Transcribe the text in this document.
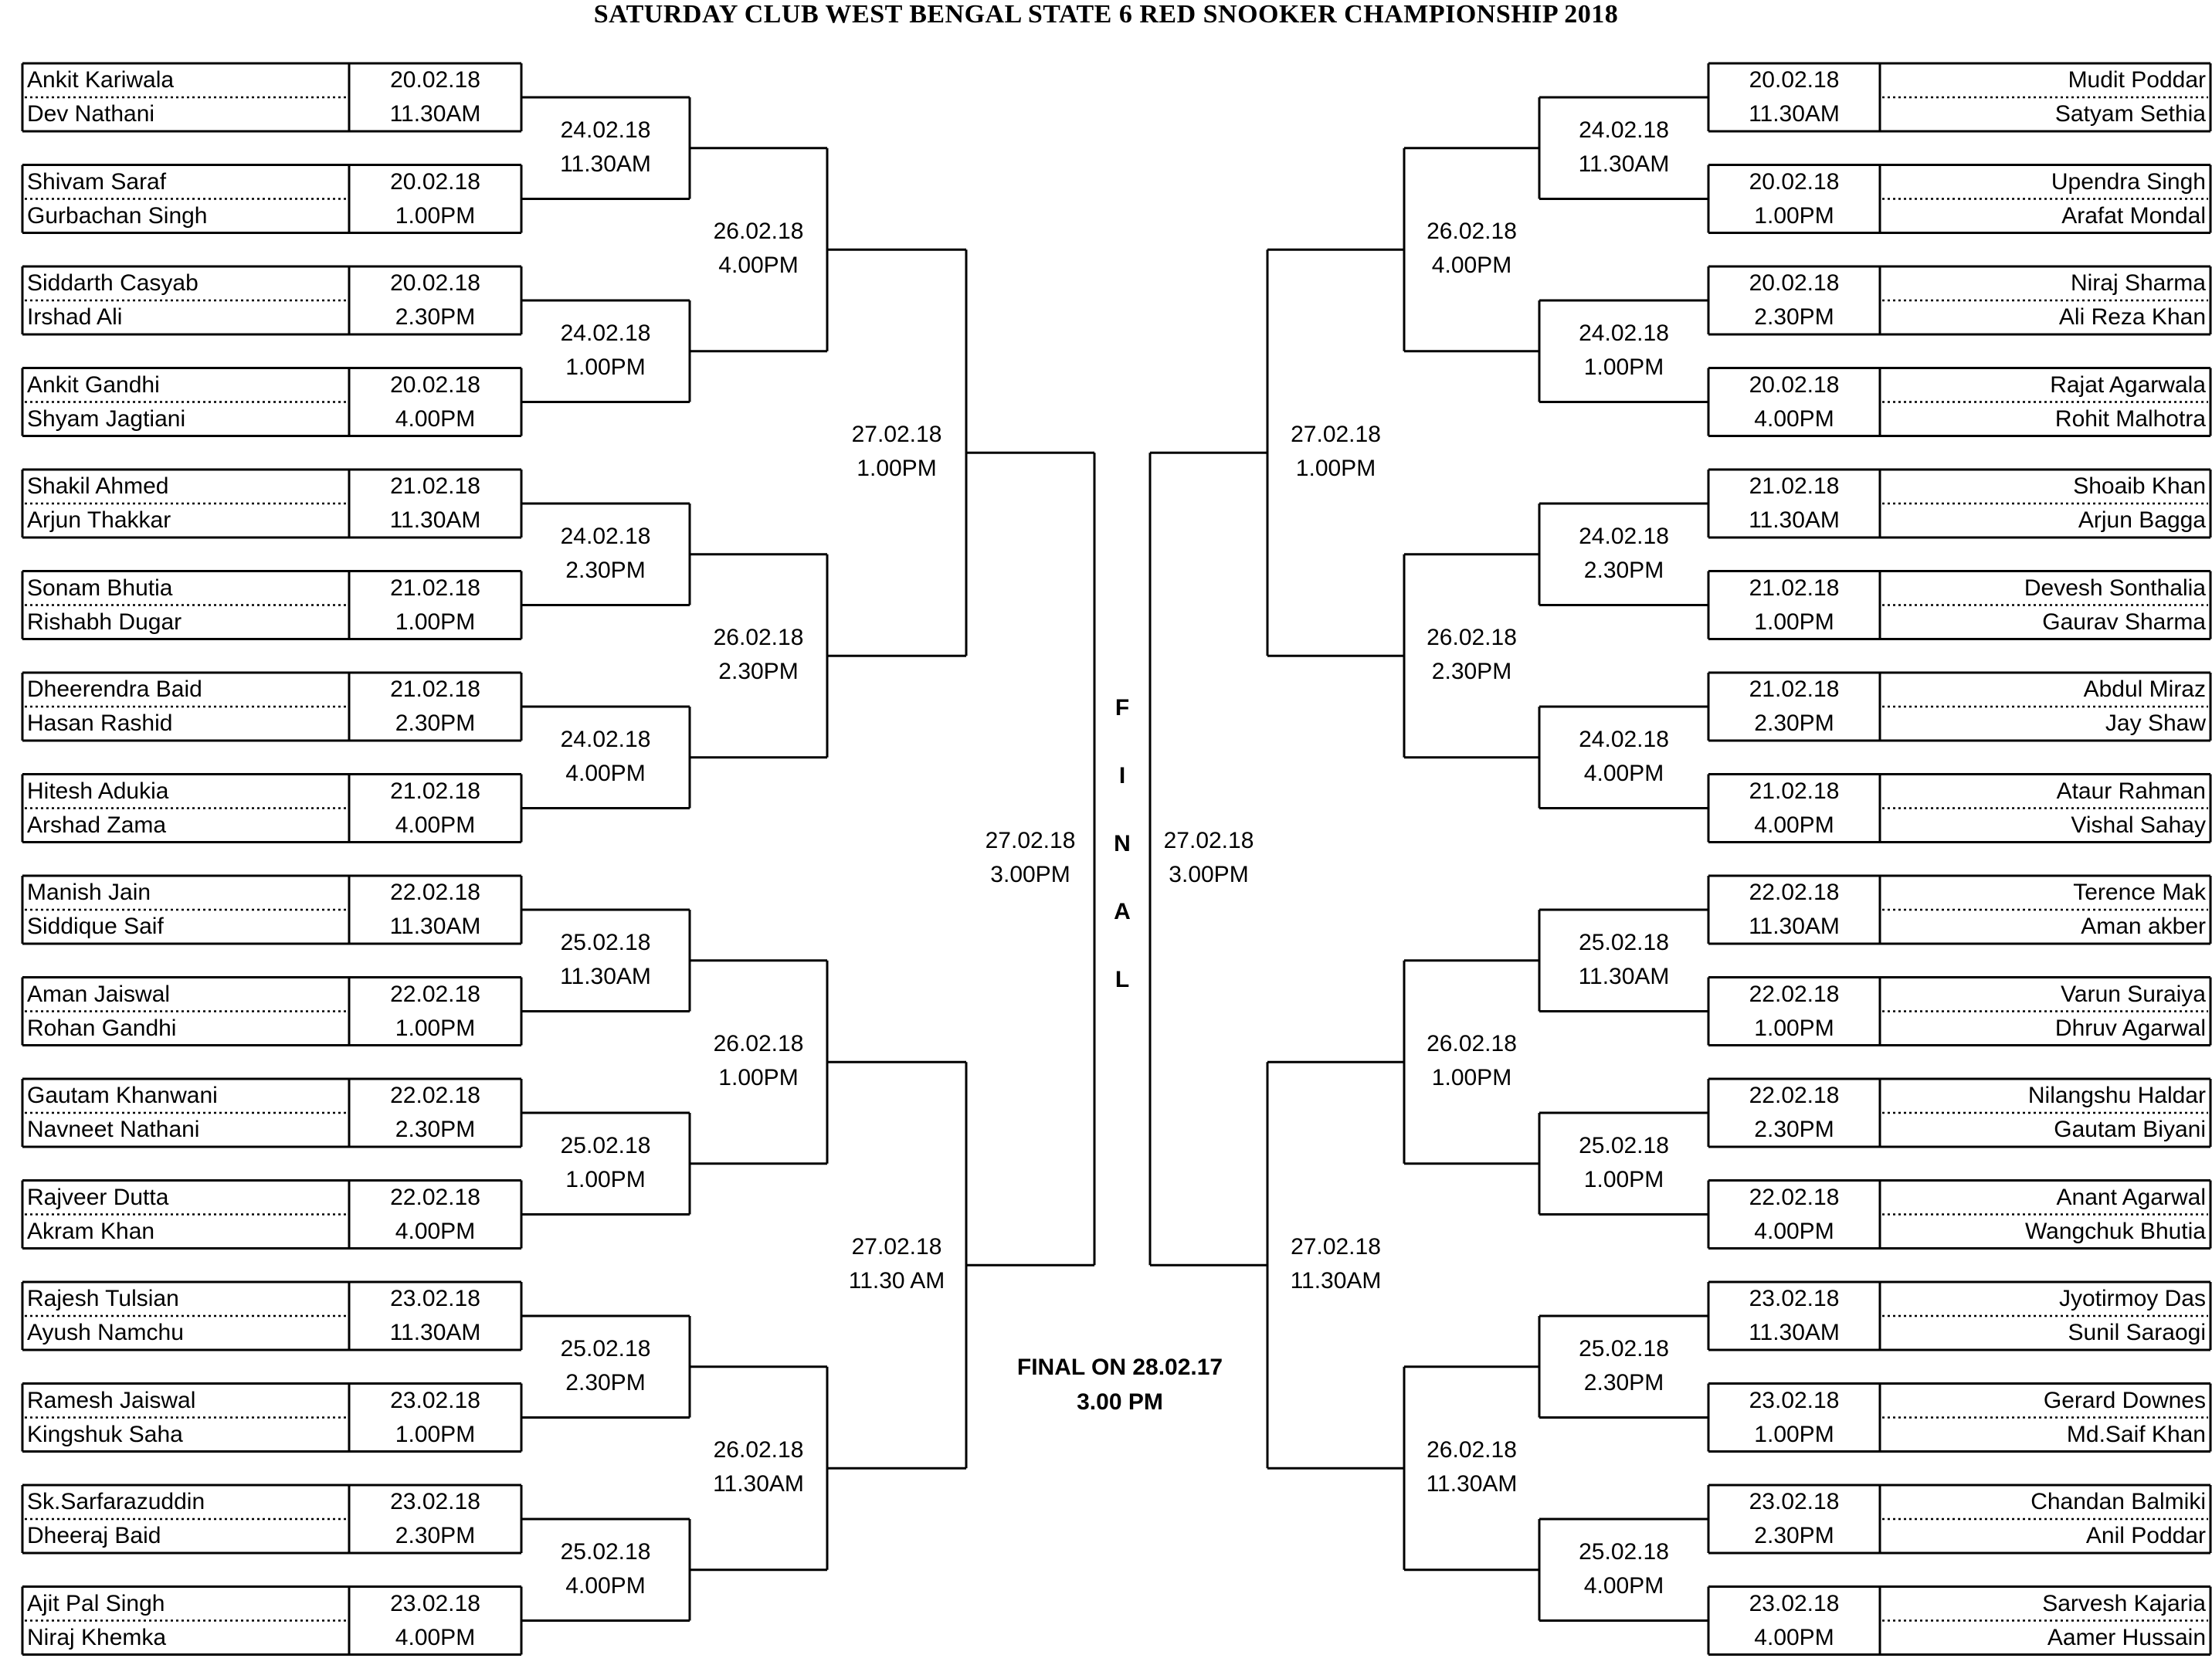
SATURDAY CLUB WEST BENGAL STATE 6 RED SNOOKER CHAMPIONSHIP 2018
Ankit Kariwala
Dev Nathani
20.02.18
11.30AM
Shivam Saraf
Gurbachan Singh
20.02.18
1.00PM
Siddarth Casyab
Irshad Ali
20.02.18
2.30PM
Ankit Gandhi
Shyam Jagtiani
20.02.18
4.00PM
Shakil Ahmed
Arjun Thakkar
21.02.18
11.30AM
Sonam Bhutia
Rishabh Dugar
21.02.18
1.00PM
Dheerendra Baid
Hasan Rashid
21.02.18
2.30PM
Hitesh Adukia
Arshad Zama
21.02.18
4.00PM
Manish Jain
Siddique Saif
22.02.18
11.30AM
Aman Jaiswal
Rohan Gandhi
22.02.18
1.00PM
Gautam Khanwani
Navneet Nathani
22.02.18
2.30PM
Rajveer Dutta
Akram Khan
22.02.18
4.00PM
Rajesh Tulsian
Ayush Namchu
23.02.18
11.30AM
Ramesh Jaiswal
Kingshuk Saha
23.02.18
1.00PM
Sk.Sarfarazuddin
Dheeraj Baid
23.02.18
2.30PM
Ajit Pal Singh
Niraj Khemka
23.02.18
4.00PM
24.02.18
11.30AM
24.02.18
1.00PM
24.02.18
2.30PM
24.02.18
4.00PM
25.02.18
11.30AM
25.02.18
1.00PM
25.02.18
2.30PM
25.02.18
4.00PM
26.02.18
4.00PM
26.02.18
2.30PM
26.02.18
1.00PM
26.02.18
11.30AM
27.02.18
1.00PM
27.02.18
11.30 AM
27.02.18
3.00PM
Mudit Poddar
Satyam Sethia
20.02.18
11.30AM
Upendra Singh
Arafat Mondal
20.02.18
1.00PM
Niraj Sharma
Ali Reza Khan
20.02.18
2.30PM
Rajat Agarwala
Rohit Malhotra
20.02.18
4.00PM
Shoaib Khan
Arjun Bagga
21.02.18
11.30AM
Devesh Sonthalia
Gaurav Sharma
21.02.18
1.00PM
Abdul Miraz
Jay Shaw
21.02.18
2.30PM
Ataur Rahman
Vishal Sahay
21.02.18
4.00PM
Terence Mak
Aman akber
22.02.18
11.30AM
Varun Suraiya
Dhruv Agarwal
22.02.18
1.00PM
Nilangshu Haldar
Gautam Biyani
22.02.18
2.30PM
Anant Agarwal
Wangchuk Bhutia
22.02.18
4.00PM
Jyotirmoy Das
Sunil Saraogi
23.02.18
11.30AM
Gerard Downes
Md.Saif Khan
23.02.18
1.00PM
Chandan Balmiki
Anil Poddar
23.02.18
2.30PM
Sarvesh Kajaria
Aamer Hussain
23.02.18
4.00PM
24.02.18
11.30AM
24.02.18
1.00PM
24.02.18
2.30PM
24.02.18
4.00PM
25.02.18
11.30AM
25.02.18
1.00PM
25.02.18
2.30PM
25.02.18
4.00PM
26.02.18
4.00PM
26.02.18
2.30PM
26.02.18
1.00PM
26.02.18
11.30AM
27.02.18
1.00PM
27.02.18
11.30AM
27.02.18
3.00PM
F
I
N
A
L
FINAL ON 28.02.17
3.00 PM
